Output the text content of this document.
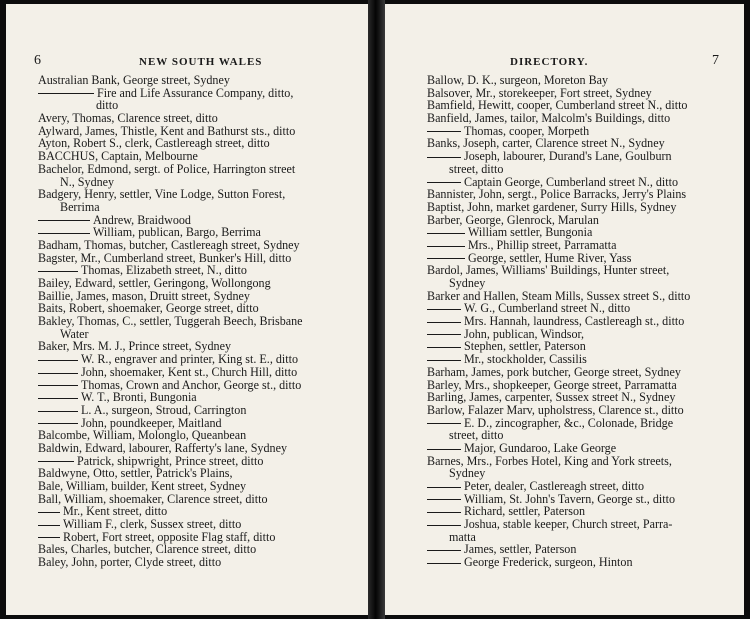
6	NEW SOUTH WALES
Australian Bank, George street, Sydney
Fire and Life Assurance Company, ditto,
ditto
Avery, Thomas, Clarence street, ditto
Aylward, James, Thistle, Kent and Bathurst sts., ditto
Ayton, Robert S., clerk, Castlereagh street, ditto
BACCHUS, Captain, Melbourne
Bachelor, Edmond, sergt. of Police, Harrington street
N., Sydney
Badgery, Henry, settler, Vine Lodge, Sutton Forest,
Berrima
Andrew, Braidwood
William, publican, Bargo, Berrima
Badham, Thomas, butcher, Castlereagh street, Sydney
Bagster, Mr., Cumberland street, Bunker's Hill, ditto
Thomas, Elizabeth street, N., ditto
Bailey, Edward, settler, Geringong, Wollongong
Baillie, James, mason, Druitt street, Sydney
Baits, Robert, shoemaker, George street, ditto
Bakley, Thomas, C., settler, Tuggerah Beech, Brisbane
Water
Baker, Mrs. M. J., Prince street, Sydney
W. R., engraver and printer, King st. E., ditto
John, shoemaker, Kent st., Church Hill, ditto
Thomas, Crown and Anchor, George st., ditto
W. T., Bronti, Bungonia
L. A., surgeon, Stroud, Carrington
John, poundkeeper, Maitland
Balcombe, William, Molonglo, Queanbean
Baldwin, Edward, labourer, Rafferty's lane, Sydney
Patrick, shipwright, Prince street, ditto
Baldwyne, Otto, settler, Patrick's Plains,
Bale, William, builder, Kent street, Sydney
Ball, William, shoemaker, Clarence street, ditto
Mr., Kent street, ditto
William F., clerk, Sussex street, ditto
Robert, Fort street, opposite Flag staff, ditto
Bales, Charles, butcher, Clarence street, ditto
Baley, John, porter, Clyde street, ditto
DIRECTORY.	7
Ballow, D. K., surgeon, Moreton Bay
Balsover, Mr., storekeeper, Fort street, Sydney
Bamfield, Hewitt, cooper, Cumberland street N., ditto
Banfield, James, tailor, Malcolm's Buildings, ditto
Thomas, cooper, Morpeth
Banks, Joseph, carter, Clarence street N., Sydney
Joseph, labourer, Durand's Lane, Goulburn
street, ditto
Captain George, Cumberland street N., ditto
Bannister, John, sergt., Police Barracks, Jerry's Plains
Baptist, John, market gardener, Surry Hills, Sydney
Barber, George, Glenrock, Marulan
William settler, Bungonia
Mrs., Phillip street, Parramatta
George, settler, Hume River, Yass
Bardol, James, Williams' Buildings, Hunter street,
Sydney
Barker and Hallen, Steam Mills, Sussex street S., ditto
W. G., Cumberland street N., ditto
Mrs. Hannah, laundress, Castlereagh st., ditto
John, publican, Windsor,
Stephen, settler, Paterson
Mr., stockholder, Cassilis
Barham, James, pork butcher, George street, Sydney
Barley, Mrs., shopkeeper, George street, Parramatta
Barling, James, carpenter, Sussex street N., Sydney
Barlow, Falazer Marv, upholstress, Clarence st., ditto
E. D., zincographer, &c., Colonade, Bridge
street, ditto
Major, Gundaroo, Lake George
Barnes, Mrs., Forbes Hotel, King and York streets,
Sydney
Peter, dealer, Castlereagh street, ditto
William, St. John's Tavern, George st., ditto
Richard, settler, Paterson
Joshua, stable keeper, Church street, Parra-
matta
James, settler, Paterson
George Frederick, surgeon, Hinton
